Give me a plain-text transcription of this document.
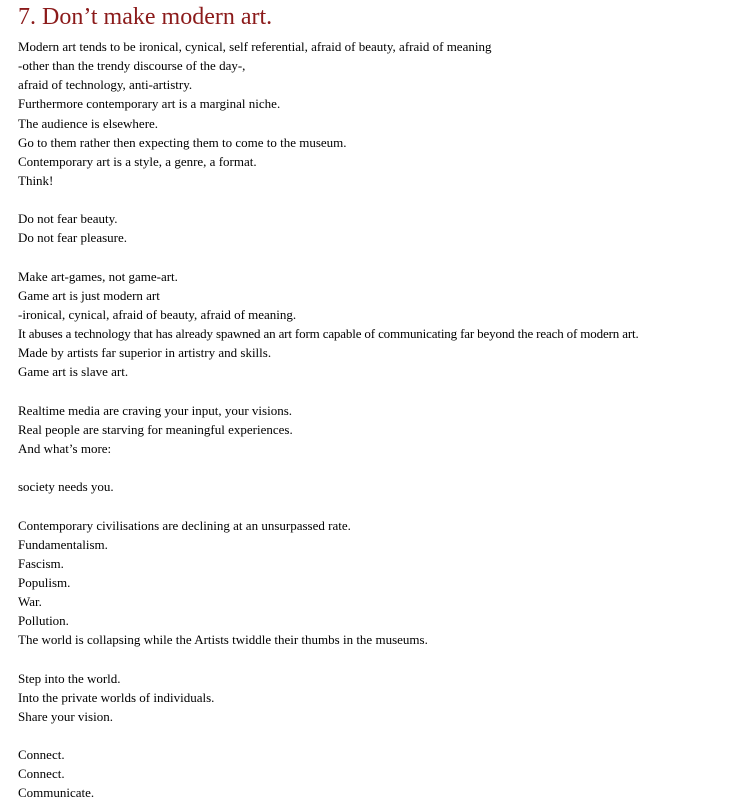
7. Don’t make modern art.
Modern art tends to be ironical, cynical, self referential, afraid of beauty, afraid of meaning
-other than the trendy discourse of the day-,
afraid of technology, anti-artistry.
Furthermore contemporary art is a marginal niche.
The audience is elsewhere.
Go to them rather then expecting them to come to the museum.
Contemporary art is a style, a genre, a format.
Think!
Do not fear beauty.
Do not fear pleasure.
Make art-games, not game-art.
Game art is just modern art
-ironical, cynical, afraid of beauty, afraid of meaning.
It abuses a technology that has already spawned an art form capable of communicating far beyond the reach of modern art.
Made by artists far superior in artistry and skills.
Game art is slave art.
Realtime media are craving your input, your visions.
Real people are starving for meaningful experiences.
And what’s more:
society needs you.
Contemporary civilisations are declining at an unsurpassed rate.
Fundamentalism.
Fascism.
Populism.
War.
Pollution.
The world is collapsing while the Artists twiddle their thumbs in the museums.
Step into the world.
Into the private worlds of individuals.
Share your vision.
Connect.
Connect.
Communicate.
